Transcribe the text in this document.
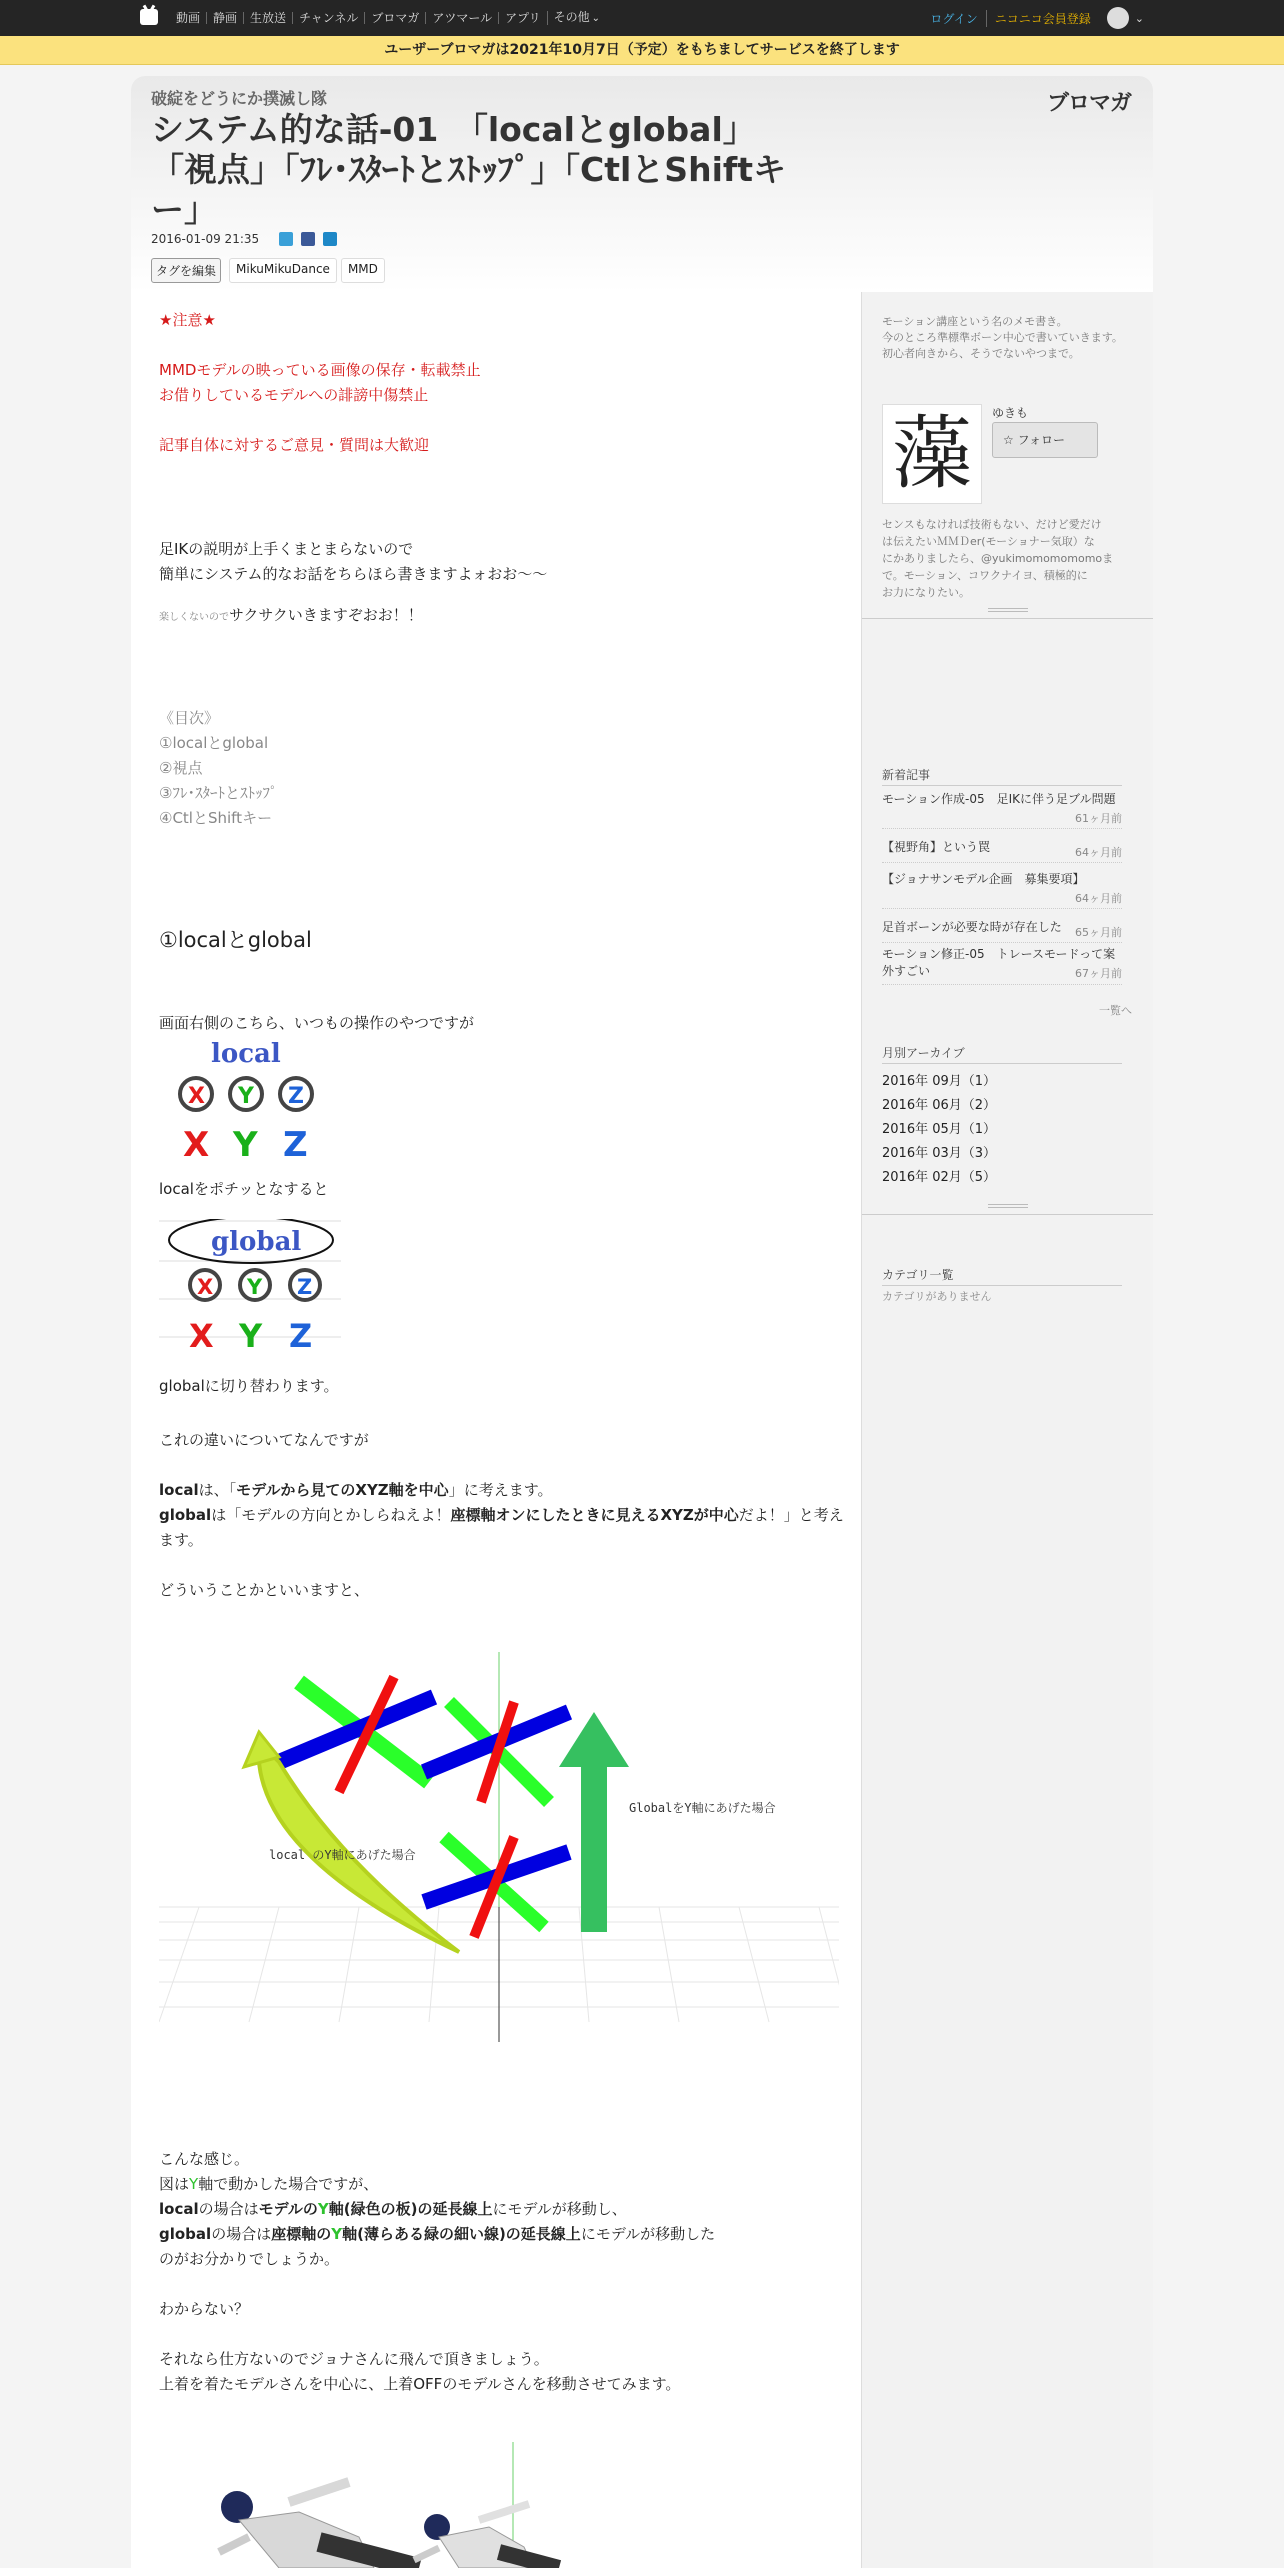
動画	静画	生放送	チャンネル	ブロマガ	アツマール	アプリ	その他 ⌄	ログイン	ニコニコ会員登録	⌄
ユーザーブロマガは2021年10月7日（予定）をもちましてサービスを終了します
ブロマガ
破綻をどうにか撲滅し隊
システム的な話-01　「localとglobal」
「視点」「ﾌﾚ･ｽﾀｰﾄとｽﾄｯﾌﾟ」「CtlとShiftキ
ー」
2016-01-09 21:35
タグを編集	MikuMikuDance	MMD
★注意★
MMDモデルの映っている画像の保存・転載禁止
お借りしているモデルへの誹謗中傷禁止
記事自体に対するご意見・質問は大歓迎
足IKの説明が上手くまとまらないので
簡単にシステム的なお話をちらほら書きますよォおお～～
楽しくないのでサクサクいきますぞおお！！
《目次》
①localとglobal
②視点
③ﾌﾚ･ｽﾀｰﾄとｽﾄｯﾌﾟ
④CtlとShiftキー
①localとglobal
画面右側のこちら、いつもの操作のやつですが
local
X Y Z
X Y Z
localをポチッとなすると
global
X Y Z
X Y Z
globalに切り替わります。
これの違いについてなんですが
localは、「モデルから見てのXYZ軸を中心」に考えます。
globalは「モデルの方向とかしらねえよ！座標軸オンにしたときに見えるXYZが中心だよ！」と考え
ます。
どういうことかといいますと、
local のY軸にあげた場合
GlobalをY軸にあげた場合
こんな感じ。
図はY軸で動かした場合ですが、
localの場合はモデルのY軸(緑色の板)の延長線上にモデルが移動し、
globalの場合は座標軸のY軸(薄らある緑の細い線)の延長線上にモデルが移動した
のがお分かりでしょうか。
わからない？
それなら仕方ないのでジョナさんに飛んで頂きましょう。
上着を着たモデルさんを中心に、上着OFFのモデルさんを移動させてみます。
モーション講座という名のメモ書き。
今のところ準標準ボーン中心で書いていきます。
初心者向きから、そうでないやつまで。
藻	ゆきも
☆ フォロー
センスもなければ技術もない、だけど愛だけ
は伝えたいＭＭＤer(モーショナー気取）な
にかありましたら、@yukimomomomomoま
で。モーション、コワクナイヨ、積極的に
お力になりたい。
新着記事
モーション作成-05　足IKに伴う足ブル問題
61ヶ月前
【視野角】という罠	64ヶ月前
【ジョナサンモデル企画　募集要項】
64ヶ月前
足首ボーンが必要な時が存在した 65ヶ月前
モーション修正-05　トレースモードって案
外すごい	67ヶ月前
一覧へ
月別アーカイブ
2016年 09月（1）
2016年 06月（2）
2016年 05月（1）
2016年 03月（3）
2016年 02月（5）
カテゴリ一覧
カテゴリがありません
